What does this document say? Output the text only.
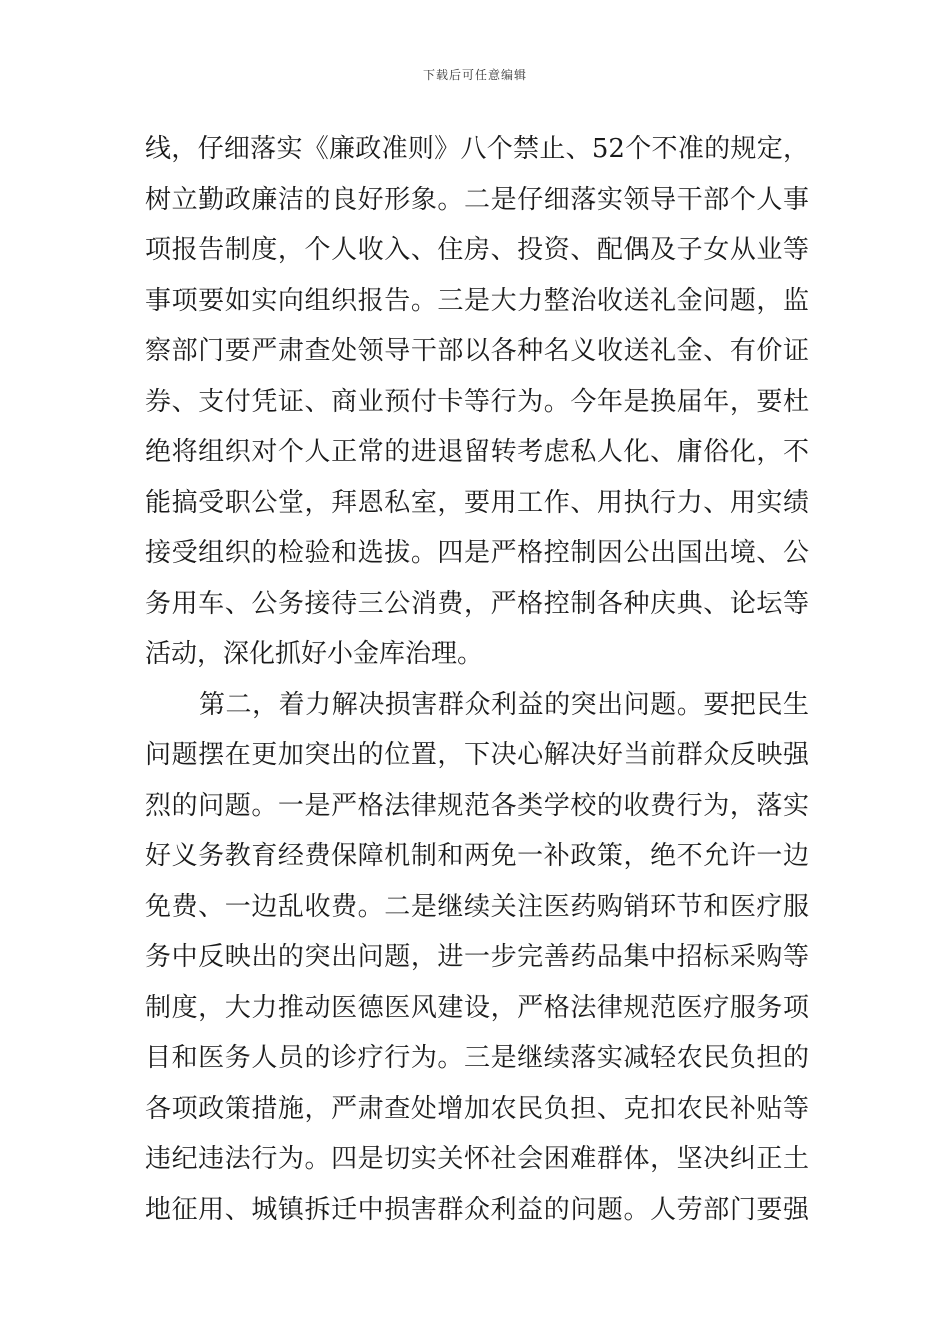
下载后可任意编辑
线，仔细落实《廉政准则》八个禁止、52个不准的规定，
树立勤政廉洁的良好形象。二是仔细落实领导干部个人事
项报告制度，个人收入、住房、投资、配偶及子女从业等
事项要如实向组织报告。三是大力整治收送礼金问题，监
察部门要严肃查处领导干部以各种名义收送礼金、有价证
券、支付凭证、商业预付卡等行为。今年是换届年，要杜
绝将组织对个人正常的进退留转考虑私人化、庸俗化，不
能搞受职公堂，拜恩私室，要用工作、用执行力、用实绩
接受组织的检验和选拔。四是严格控制因公出国出境、公
务用车、公务接待三公消费，严格控制各种庆典、论坛等
活动，深化抓好小金库治理。
第二，着力解决损害群众利益的突出问题。要把民生
问题摆在更加突出的位置，下决心解决好当前群众反映强
烈的问题。一是严格法律规范各类学校的收费行为，落实
好义务教育经费保障机制和两免一补政策，绝不允许一边
免费、一边乱收费。二是继续关注医药购销环节和医疗服
务中反映出的突出问题，进一步完善药品集中招标采购等
制度，大力推动医德医风建设，严格法律规范医疗服务项
目和医务人员的诊疗行为。三是继续落实减轻农民负担的
各项政策措施，严肃查处增加农民负担、克扣农民补贴等
违纪违法行为。四是切实关怀社会困难群体，坚决纠正土
地征用、城镇拆迁中损害群众利益的问题。人劳部门要强
